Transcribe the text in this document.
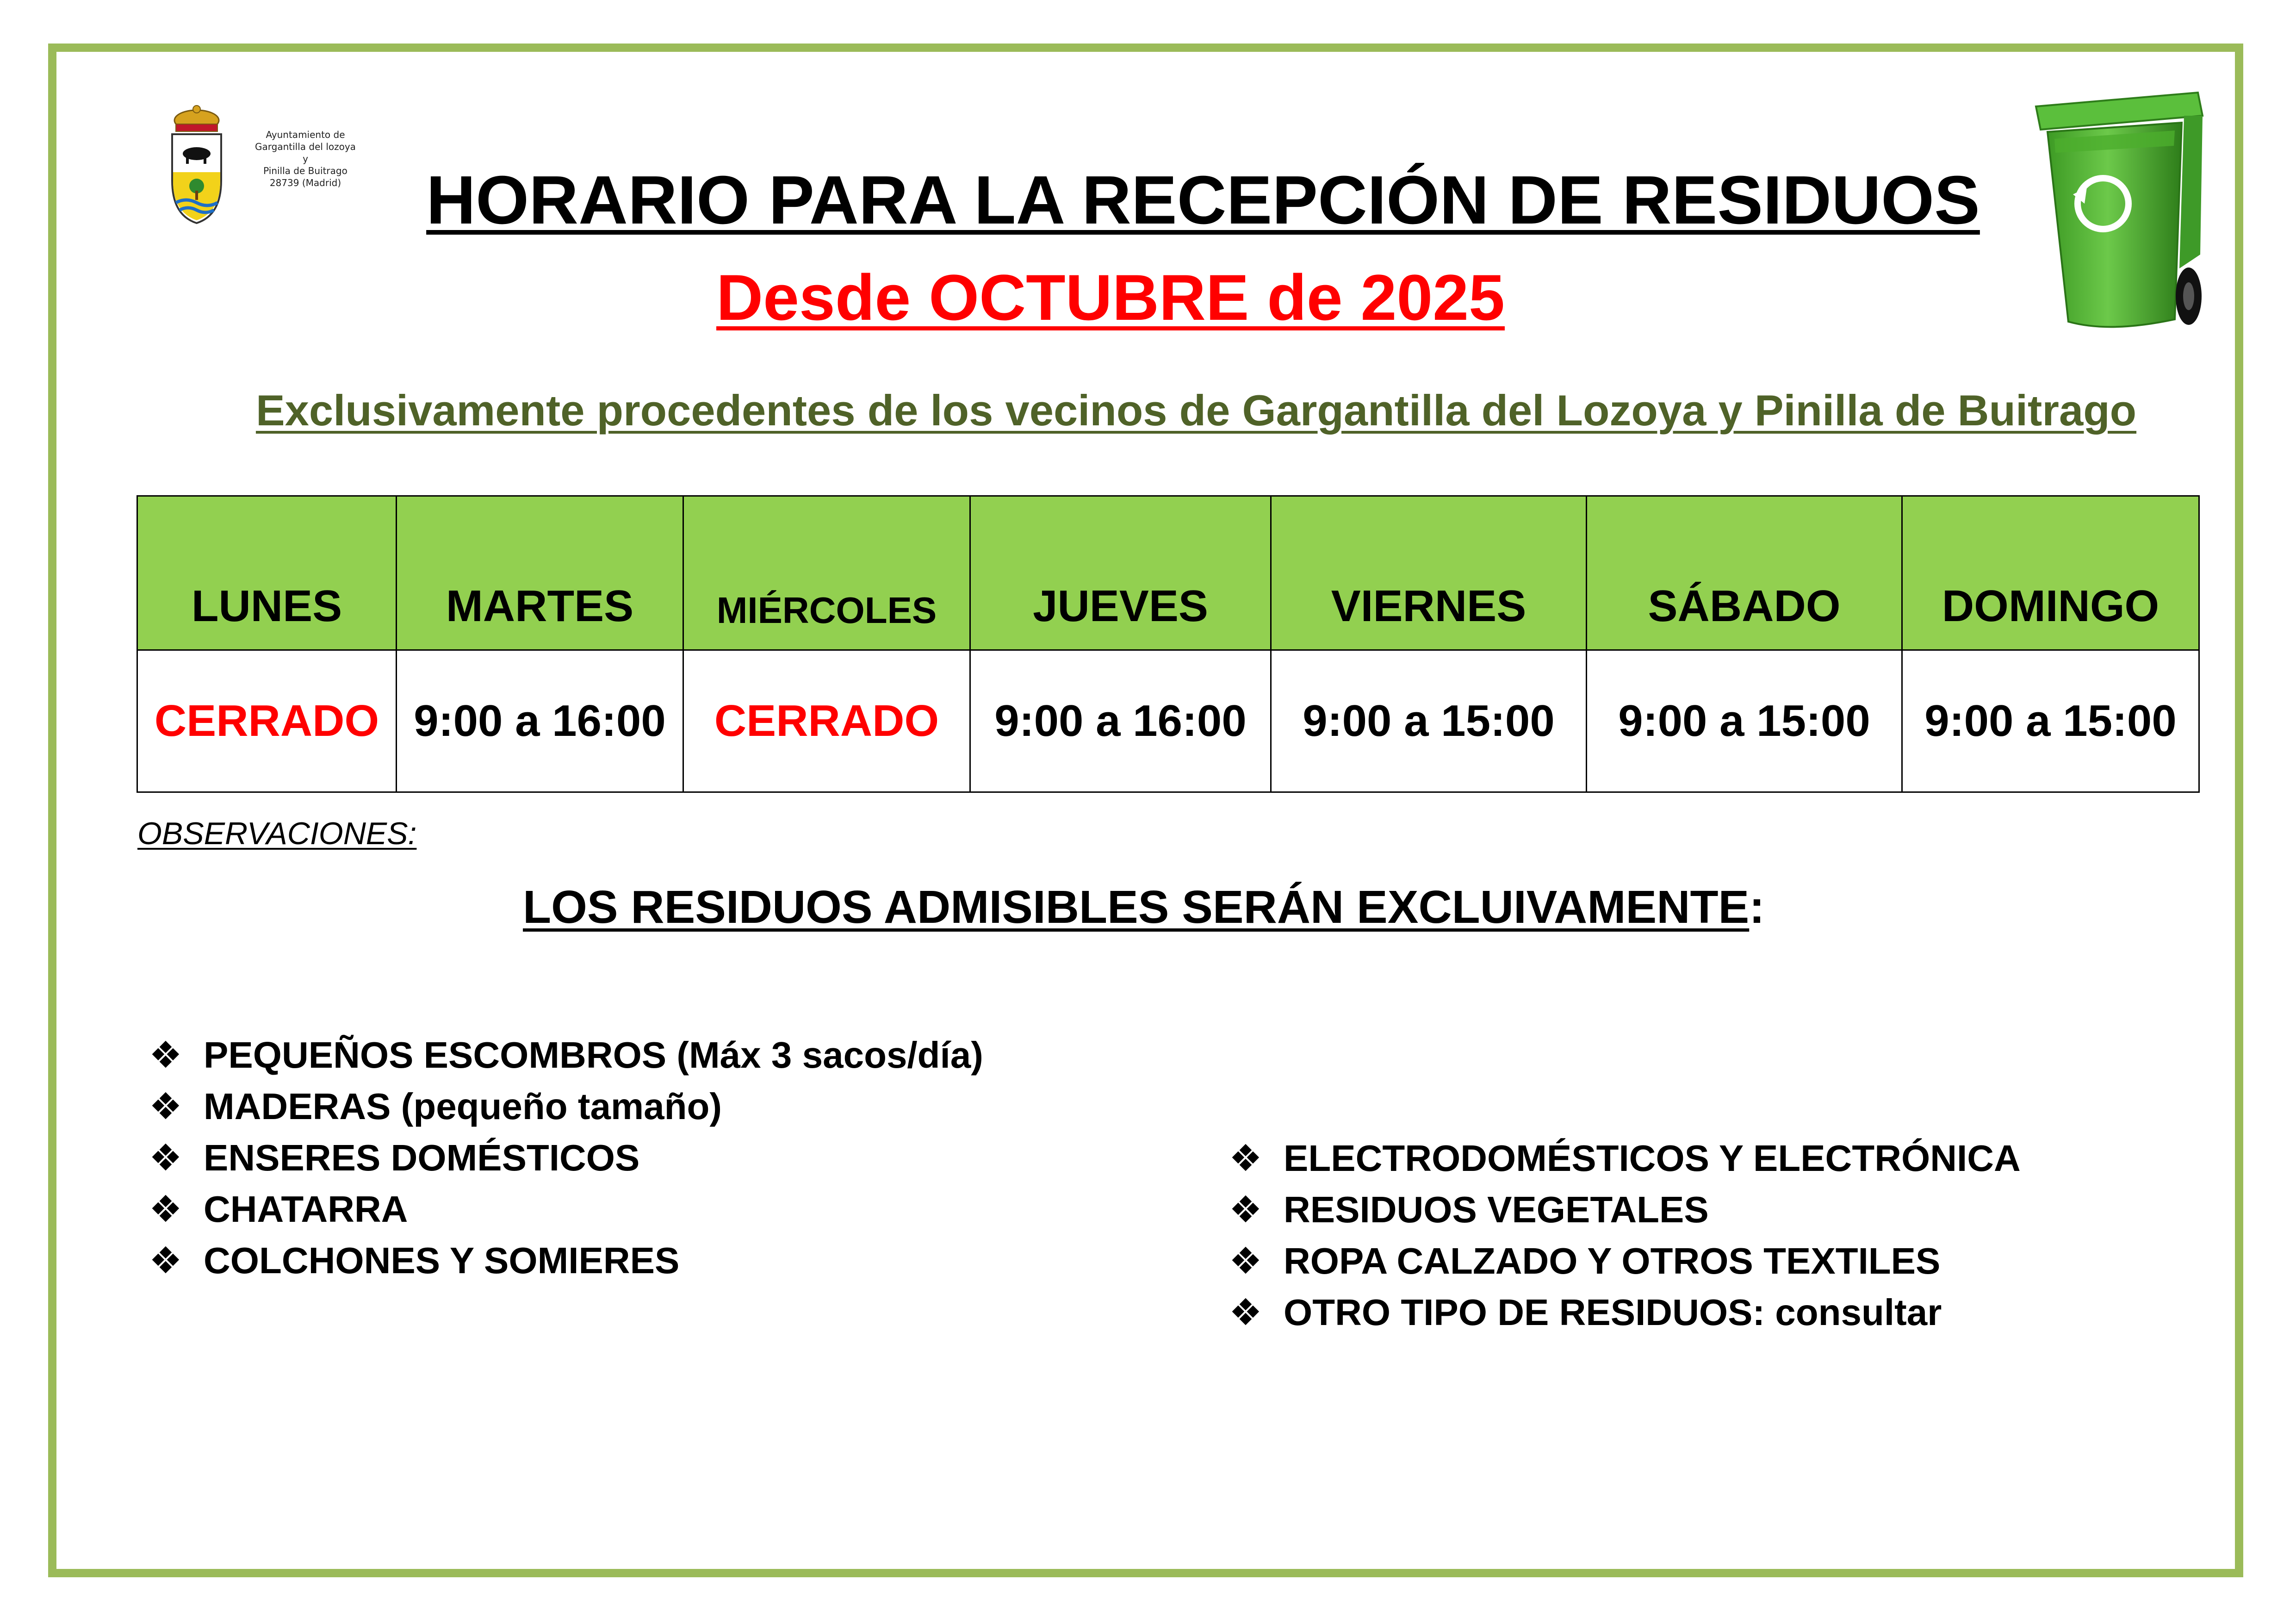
Ayuntamiento de
Gargantilla del lozoya
y
Pinilla de Buitrago
28739 (Madrid)	HORARIO PARA LA RECEPCIÓN DE RESIDUOS
Desde OCTUBRE de 2025
Exclusivamente procedentes de los vecinos de Gargantilla del Lozoya y Pinilla de Buitrago
LUNES	MARTES	MIÉRCOLES	JUEVES	VIERNES	SÁBADO	DOMINGO
CERRADO	9:00 a 16:00	CERRADO	9:00 a 16:00	9:00 a 15:00	9:00 a 15:00	9:00 a 15:00
OBSERVACIONES:
LOS RESIDUOS ADMISIBLES SERÁN EXCLUIVAMENTE:
❖ PEQUEÑOS ESCOMBROS (Máx 3 sacos/día)
❖ MADERAS (pequeño tamaño)
❖ ENSERES DOMÉSTICOS
❖ CHATARRA
❖ COLCHONES Y SOMIERES
❖ ELECTRODOMÉSTICOS Y ELECTRÓNICA
❖ RESIDUOS VEGETALES
❖ ROPA CALZADO Y OTROS TEXTILES
❖ OTRO TIPO DE RESIDUOS: consultar
